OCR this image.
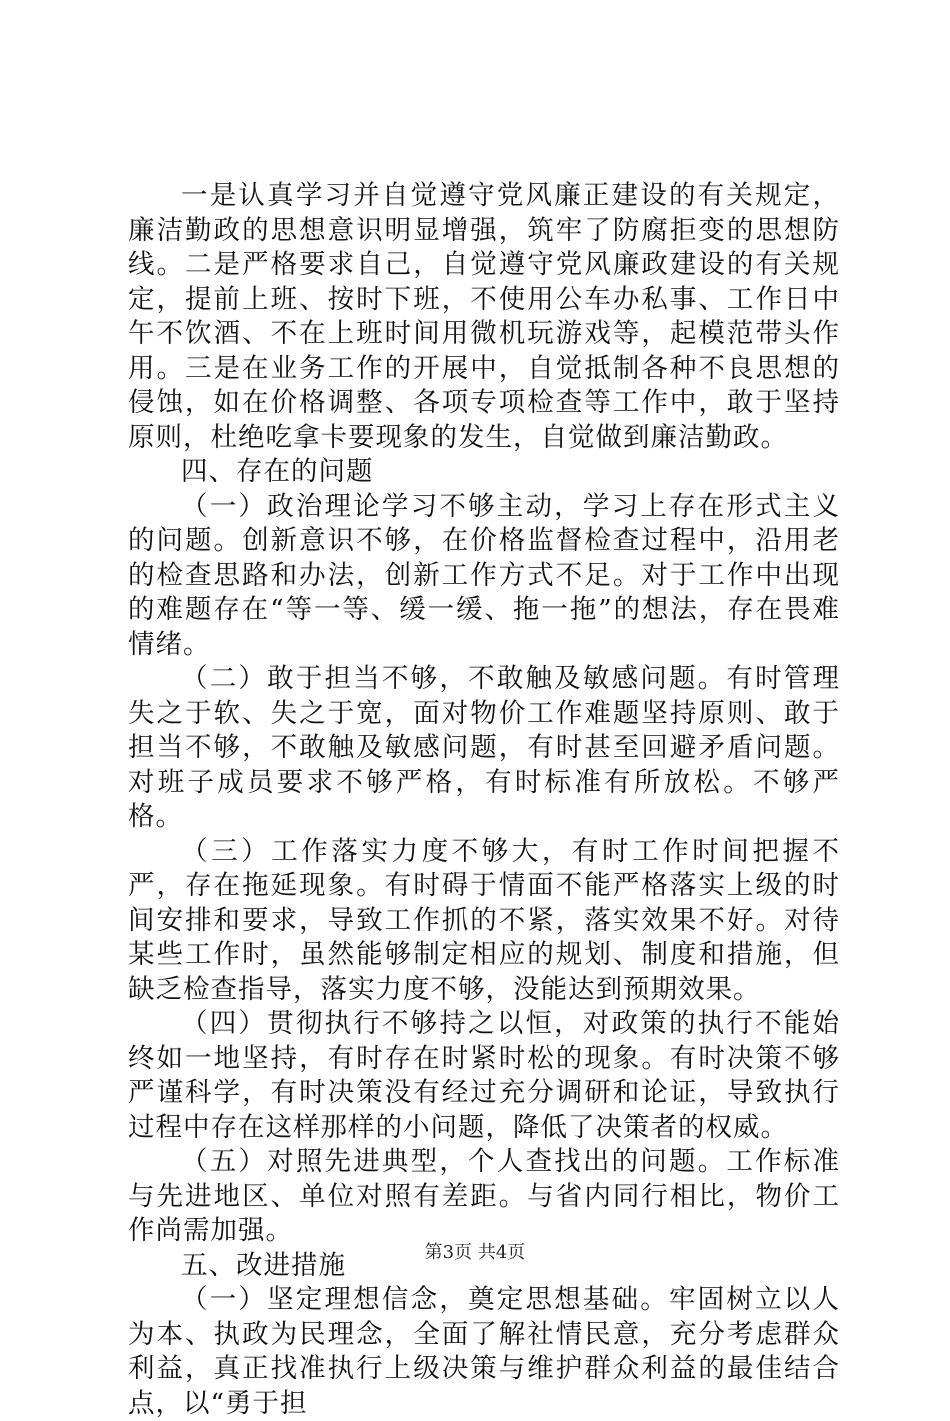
一是认真学习并自觉遵守党风廉正建设的有关规定，廉洁勤政的思想意识明显增强，筑牢了防腐拒变的思想防线。二是严格要求自己，自觉遵守党风廉政建设的有关规定，提前上班、按时下班，不使用公车办私事、工作日中午不饮酒、不在上班时间用微机玩游戏等，起模范带头作用。三是在业务工作的开展中，自觉抵制各种不良思想的侵蚀，如在价格调整、各项专项检查等工作中，敢于坚持原则，杜绝吃拿卡要现象的发生，自觉做到廉洁勤政。

四、存在的问题

（一）政治理论学习不够主动，学习上存在形式主义的问题。创新意识不够，在价格监督检查过程中，沿用老的检查思路和办法，创新工作方式不足。对于工作中出现的难题存在“等一等、缓一缓、拖一拖”的想法，存在畏难情绪。

（二）敢于担当不够，不敢触及敏感问题。有时管理失之于软、失之于宽，面对物价工作难题坚持原则、敢于担当不够，不敢触及敏感问题，有时甚至回避矛盾问题。对班子成员要求不够严格，有时标准有所放松。不够严格。

（三）工作落实力度不够大，有时工作时间把握不严，存在拖延现象。有时碍于情面不能严格落实上级的时间安排和要求，导致工作抓的不紧，落实效果不好。对待某些工作时，虽然能够制定相应的规划、制度和措施，但缺乏检查指导，落实力度不够，没能达到预期效果。

（四）贯彻执行不够持之以恒，对政策的执行不能始终如一地坚持，有时存在时紧时松的现象。有时决策不够严谨科学，有时决策没有经过充分调研和论证，导致执行过程中存在这样那样的小问题，降低了决策者的权威。

（五）对照先进典型，个人查找出的问题。工作标准与先进地区、单位对照有差距。与省内同行相比，物价工作尚需加强。

五、改进措施

（一）坚定理想信念，奠定思想基础。牢固树立以人为本、执政为民理念，全面了解社情民意，充分考虑群众利益，真正找准执行上级决策与维护群众利益的最佳结合点，以“勇于担

第3页 共4页
